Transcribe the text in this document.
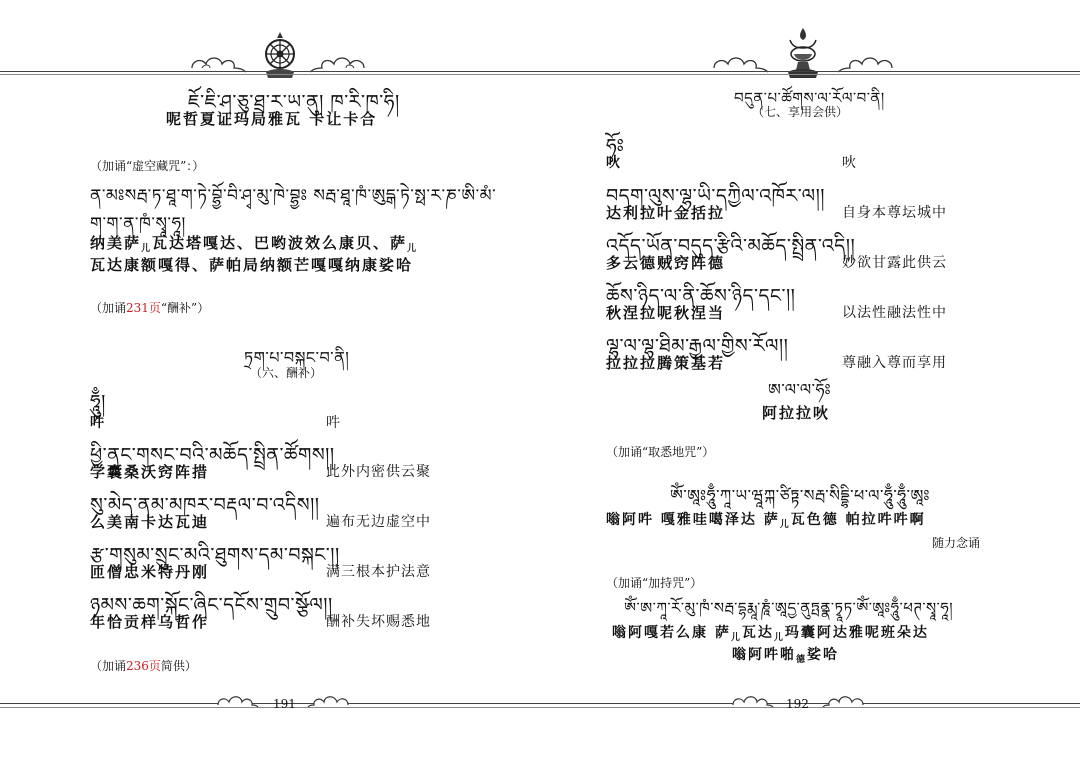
ཇོ་ཇི་ཤ་ཅུ་ཐྲ་ར་ཡ་ནུ། ཁ་རི་ཁ་ཧི།
呢哲夏证玛局雅瓦 卡让卡合
（加诵“虚空藏咒”：）
ན་མཿསརྦ་ཏ་ཐཱ་ག་ཏེ་བྷྱོ་བི་ཤྭ་མུ་ཁེ་བྷྱཿ སརྦ་ཐཱ་ཁཾ་ཨུདྒ་ཏེ་སྥ་ར་ཎ་ཨི་མཾ་
ག་ག་ན་ཁཾ་སྭཱ་ཧཱ།
纳美萨$_儿$瓦达塔嘎达、巴哟波效么康贝、萨$_儿$
瓦达康额嘎得、萨帕局纳额芒嘎嘎纳康娑哈
（加诵231页“酬补”）
ཏྲག་པ་བསྐང་བ་ནི།
（六、酬补）
ཧཱུྃ།
吽	吽
ཕྱི་ནང་གསང་བའི་མཆོད་སྤྲིན་ཚོགས།།
学囊桑沃窍阵措	此外内密供云聚
སུ་མེད་ནམ་མཁར་བརྡལ་བ་འདིས།།
么美南卡达瓦迪	遍布无边虚空中
རྩ་གསུམ་སྲུང་མའི་ཐུགས་དམ་བསྐང་།།
匝僧忠米特丹刚	满三根本护法意
ཉམས་ཆག་སྐོང་ཞིང་དངོས་གྲུབ་སྩོལ།།
年恰贡样乌哲作	酬补失坏赐悉地
（加诵236页简供）
191
བདུན་པ་ཚོགས་ལ་རོལ་བ་ནི།
（七、享用会供）
ཧོཿ
吙	吙
བདག་ལུས་ལྷ་ཡི་དཀྱིལ་འཁོར་ལ།།
达利拉叶金括拉	自身本尊坛城中
འདོད་ཡོན་བདུད་རྩིའི་མཆོད་སྤྲིན་འདི།།
多云德贼窍阵德	妙欲甘露此供云
ཆོས་ཉིད་ལ་ནི་ཆོས་ཉིད་དང་།།
秋涅拉呢秋涅当	以法性融法性中
ལྷ་ལ་ལྷ་ཐིམ་རྒྱལ་གྱིས་རོལ།།
拉拉拉腾策基若	尊融入尊而享用
ཨ་ལ་ལ་ཧོཿ
阿拉拉吙
（加诵“取悉地咒”）
ཨོཾ་ཨཱཿཧཱུྃ་ཀཱ་ཡ་ཝཱཀྐ་ཙིཏྟ་སརྦ་སིདྡྷི་ཕ་ལ་ཧཱུྃ་ཧཱུྃ་ཨཱཿ
嗡阿吽 嘎雅哇噶泽达 萨$_儿$瓦色德 帕拉吽吽啊
随力念诵
（加诵“加持咒”）
ཨོཾ་ཨ་ཀཱ་རོ་མུ་ཁཾ་སརྦ་དྷརྨཱ་ཎཱཾ་ཨཱདྱ་ནུཏྤནྣ་ཏྭཱཏ་ཨོཾ་ཨཱཿཧཱུྃ་ཕཊ་སྭཱ་ཧཱ།
嗡阿嘎若么康 萨$_儿$瓦达$_儿$玛囊阿达雅呢班朵达
嗡阿吽啪$_德$娑哈
192
